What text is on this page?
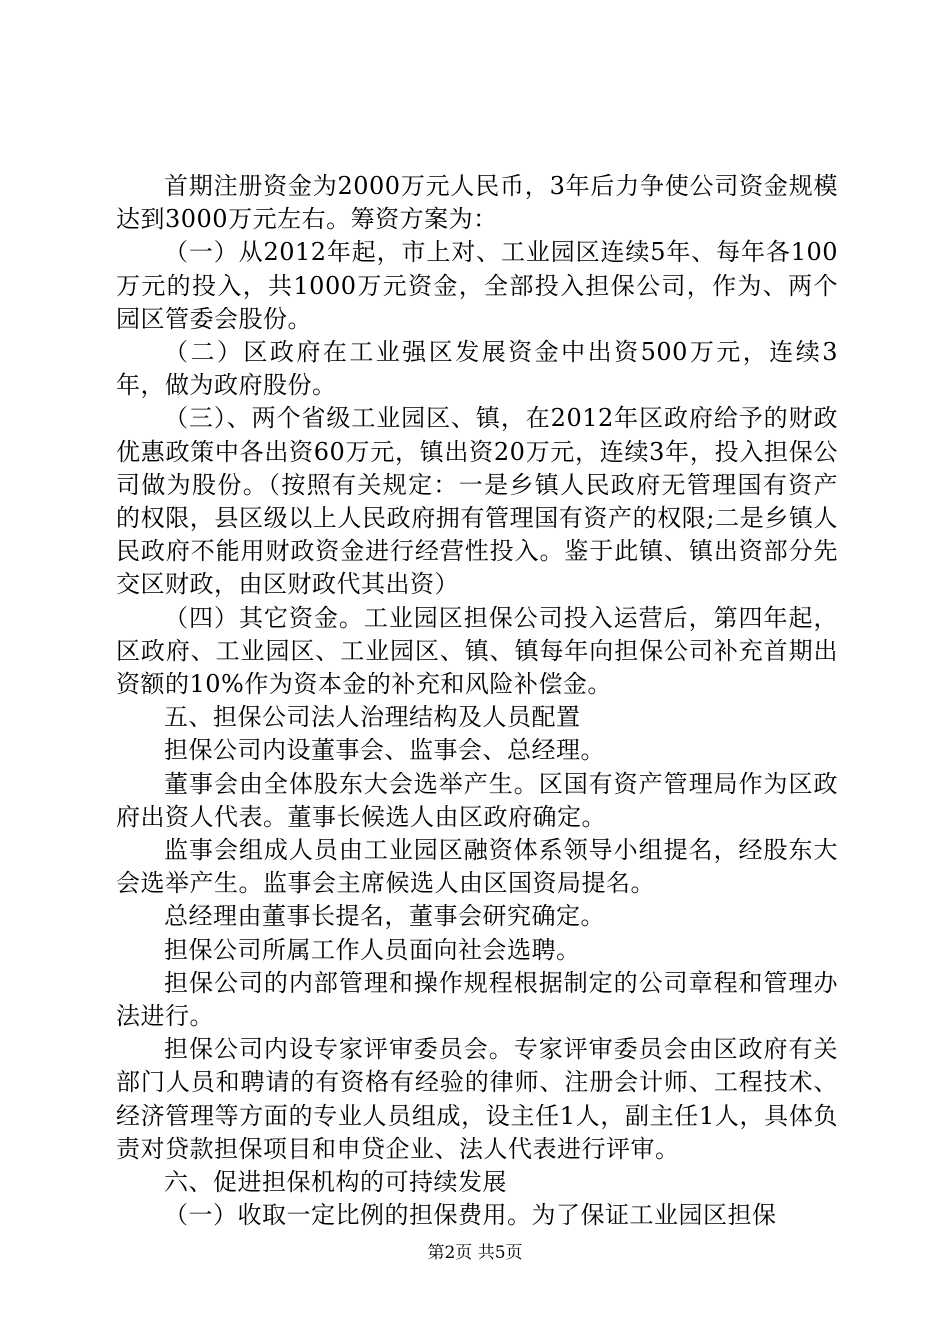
首期注册资金为2000万元人民币，3年后力争使公司资金规模达到3000万元左右。筹资方案为：

（一）从2012年起，市上对、工业园区连续5年、每年各100万元的投入，共1000万元资金，全部投入担保公司，作为、两个园区管委会股份。

（二）区政府在工业强区发展资金中出资500万元，连续3年，做为政府股份。

（三）、两个省级工业园区、镇，在2012年区政府给予的财政优惠政策中各出资60万元，镇出资20万元，连续3年，投入担保公司做为股份。（按照有关规定：一是乡镇人民政府无管理国有资产的权限，县区级以上人民政府拥有管理国有资产的权限;二是乡镇人民政府不能用财政资金进行经营性投入。鉴于此镇、镇出资部分先交区财政，由区财政代其出资）

（四）其它资金。工业园区担保公司投入运营后，第四年起，区政府、工业园区、工业园区、镇、镇每年向担保公司补充首期出资额的10%作为资本金的补充和风险补偿金。

五、担保公司法人治理结构及人员配置

担保公司内设董事会、监事会、总经理。

董事会由全体股东大会选举产生。区国有资产管理局作为区政府出资人代表。董事长候选人由区政府确定。

监事会组成人员由工业园区融资体系领导小组提名，经股东大会选举产生。监事会主席候选人由区国资局提名。

总经理由董事长提名，董事会研究确定。

担保公司所属工作人员面向社会选聘。

担保公司的内部管理和操作规程根据制定的公司章程和管理办法进行。

担保公司内设专家评审委员会。专家评审委员会由区政府有关部门人员和聘请的有资格有经验的律师、注册会计师、工程技术、经济管理等方面的专业人员组成，设主任1人，副主任1人，具体负责对贷款担保项目和申贷企业、法人代表进行评审。

六、促进担保机构的可持续发展

（一）收取一定比例的担保费用。为了保证工业园区担保

第2页 共5页
